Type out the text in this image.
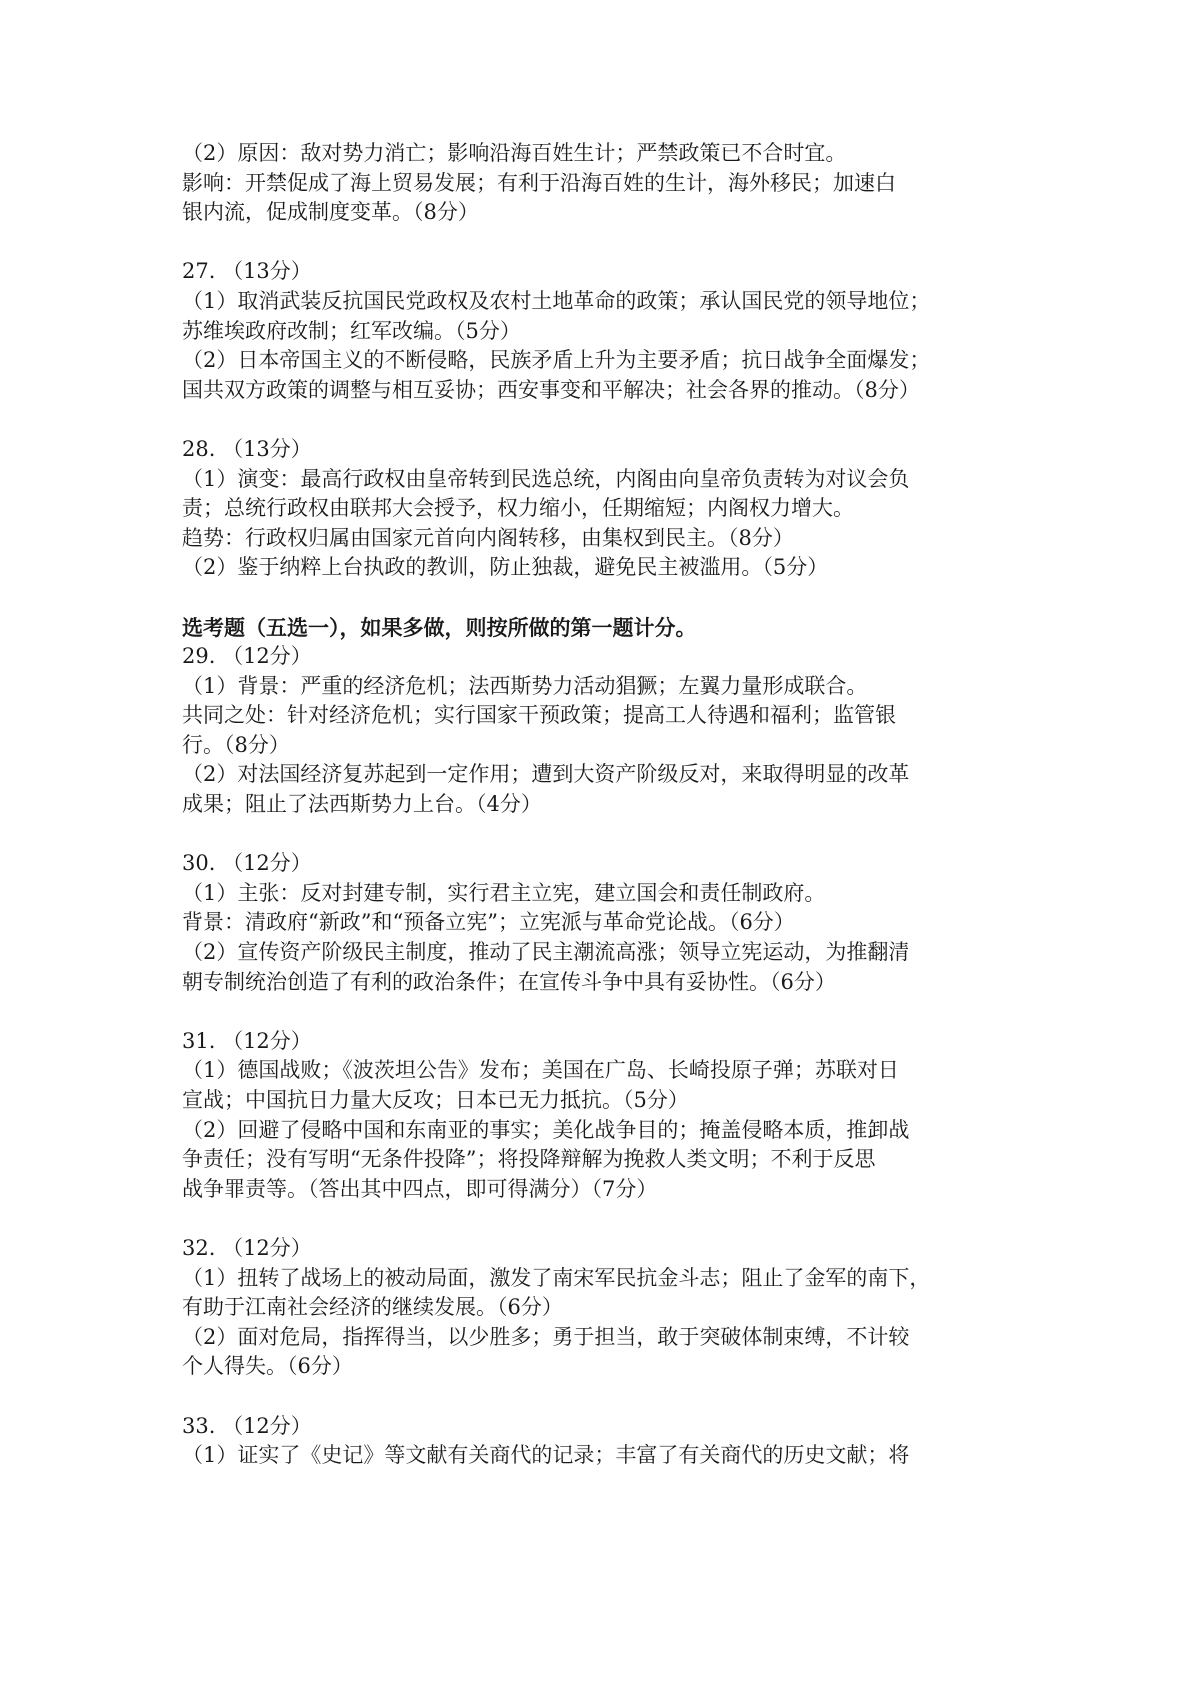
（2）原因：敌对势力消亡；影响沿海百姓生计；严禁政策已不合时宜。

影响：开禁促成了海上贸易发展；有利于沿海百姓的生计，海外移民；加速白

银内流，促成制度变革。（8分）

27. （13分）

（1）取消武装反抗国民党政权及农村土地革命的政策；承认国民党的领导地位；

苏维埃政府改制；红军改编。（5分）

（2）日本帝国主义的不断侵略，民族矛盾上升为主要矛盾；抗日战争全面爆发；

国共双方政策的调整与相互妥协；西安事变和平解决；社会各界的推动。（8分）

28. （13分）

（1）演变：最高行政权由皇帝转到民选总统，内阁由向皇帝负责转为对议会负

责；总统行政权由联邦大会授予，权力缩小，任期缩短；内阁权力增大。

趋势：行政权归属由国家元首向内阁转移，由集权到民主。（8分）

（2）鉴于纳粹上台执政的教训，防止独裁，避免民主被滥用。（5分）

选考题（五选一），如果多做，则按所做的第一题计分。

29. （12分）

（1）背景：严重的经济危机；法西斯势力活动猖獗；左翼力量形成联合。

共同之处：针对经济危机；实行国家干预政策；提高工人待遇和福利；监管银

行。（8分）

（2）对法国经济复苏起到一定作用；遭到大资产阶级反对，来取得明显的改革

成果；阻止了法西斯势力上台。（4分）

30. （12分）

（1）主张：反对封建专制，实行君主立宪，建立国会和责任制政府。

背景：清政府“新政”和“预备立宪”；立宪派与革命党论战。（6分）

（2）宣传资产阶级民主制度，推动了民主潮流高涨；领导立宪运动，为推翻清

朝专制统治创造了有利的政治条件；在宣传斗争中具有妥协性。（6分）

31. （12分）

（1）德国战败；《波茨坦公告》发布；美国在广岛、长崎投原子弹；苏联对日

宣战；中国抗日力量大反攻；日本已无力抵抗。（5分）

（2）回避了侵略中国和东南亚的事实；美化战争目的；掩盖侵略本质，推卸战

争责任；没有写明“无条件投降”；将投降辩解为挽救人类文明；不利于反思

战争罪责等。（答出其中四点，即可得满分）（7分）

32. （12分）

（1）扭转了战场上的被动局面，激发了南宋军民抗金斗志；阻止了金军的南下，

有助于江南社会经济的继续发展。（6分）

（2）面对危局，指挥得当，以少胜多；勇于担当，敢于突破体制束缚，不计较

个人得失。（6分）

33. （12分）

（1）证实了《史记》等文献有关商代的记录；丰富了有关商代的历史文献；将
